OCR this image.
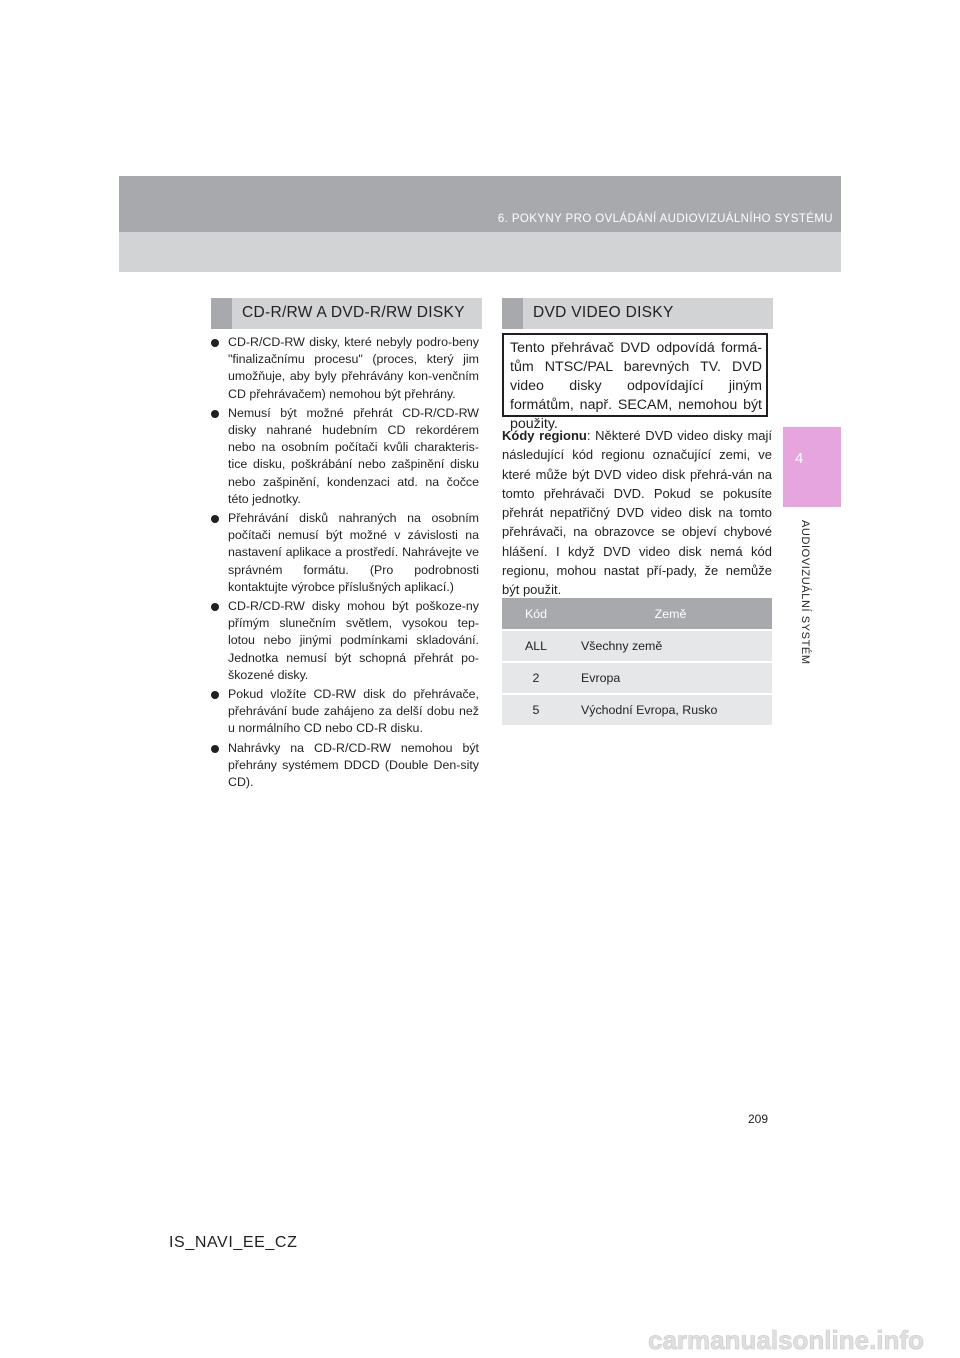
6. POKYNY PRO OVLÁDÁNÍ AUDIOVIZUÁLNÍHO SYSTÉMU

4
AUDIOVIZUÁLNÍ SYSTÉM

CD-R/RW A DVD-R/RW DISKY

CD-R/CD-RW disky, které nebyly podro-beny "finalizačnímu procesu" (proces, který jim umožňuje, aby byly přehrávány kon-venčním CD přehrávačem) nemohou být přehrány.
Nemusí být možné přehrát CD-R/CD-RW disky nahrané hudebním CD rekordérem nebo na osobním počítači kvůli charakteris-tice disku, poškrábání nebo zašpinění disku nebo zašpinění, kondenzaci atd. na čočce této jednotky.
Přehrávání disků nahraných na osobním počítači nemusí být možné v závislosti na nastavení aplikace a prostředí. Nahrávejte ve správném formátu. (Pro podrobnosti kontaktujte výrobce příslušných aplikací.)
CD-R/CD-RW disky mohou být poškoze-ny přímým slunečním světlem, vysokou tep-lotou nebo jinými podmínkami skladování. Jednotka nemusí být schopná přehrát po-škozené disky.
Pokud vložíte CD-RW disk do přehrávače, přehrávání bude zahájeno za delší dobu než u normálního CD nebo CD-R disku.
Nahrávky na CD-R/CD-RW nemohou být přehrány systémem DDCD (Double Den-sity CD).

DVD VIDEO DISKY

Tento přehrávač DVD odpovídá formá-tům NTSC/PAL barevných TV. DVD video disky odpovídající jiným formátům, např. SECAM, nemohou být použity.

Kódy regionu: Některé DVD video disky mají následující kód regionu označující zemi, ve které může být DVD video disk přehrá-ván na tomto přehrávači DVD. Pokud se pokusíte přehrát nepatřičný DVD video disk na tomto přehrávači, na obrazovce se objeví chybové hlášení. I když DVD video disk nemá kód regionu, mohou nastat pří-pady, že nemůže být použit.

Kód	Země
ALL	Všechny země
2	Evropa
5	Východní Evropa, Rusko

209

IS_NAVI_EE_CZ

carmanualsonline.info
